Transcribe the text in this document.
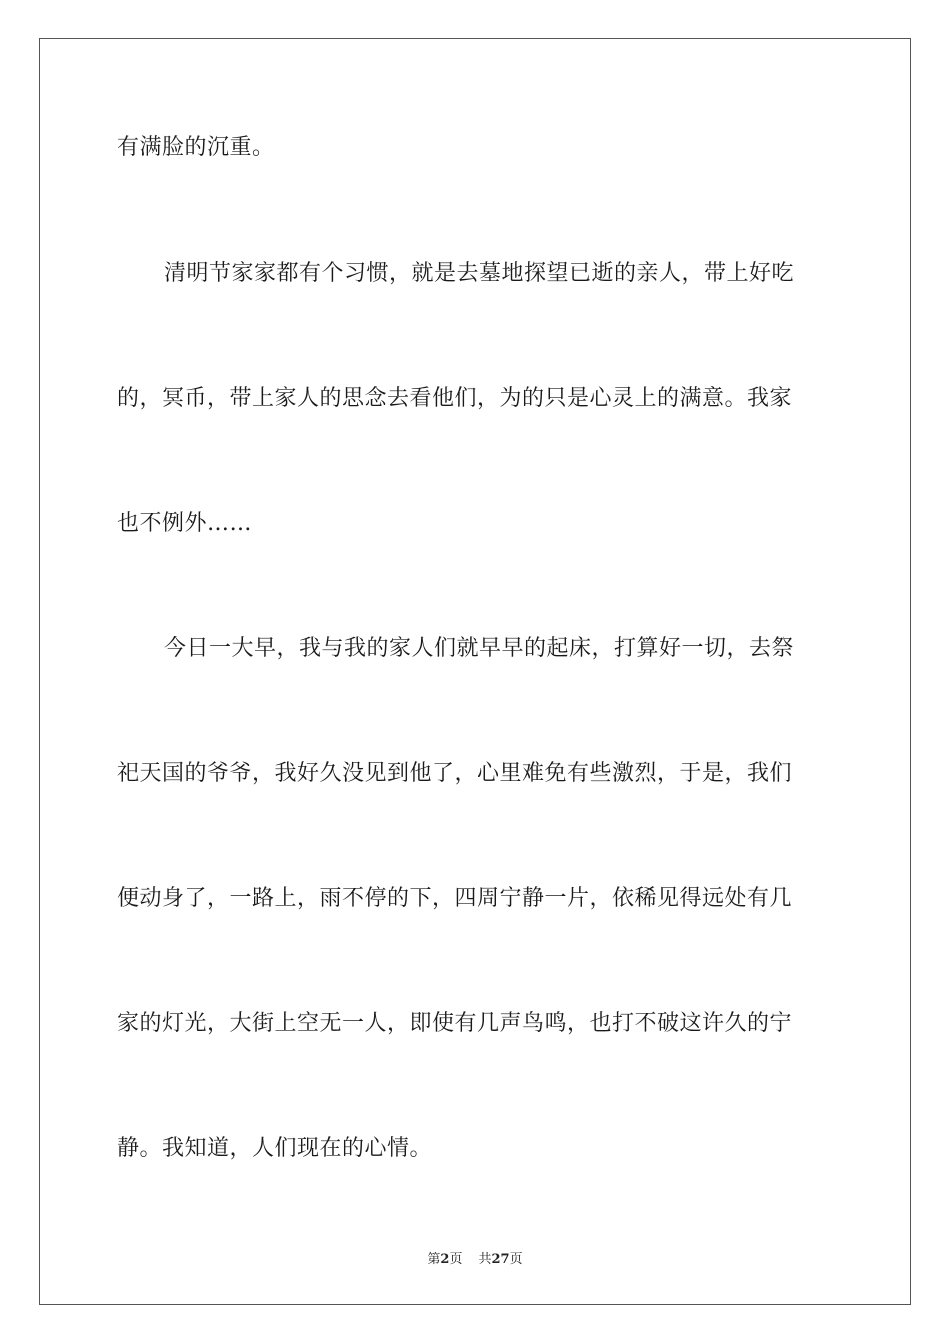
有满脸的沉重。
清明节家家都有个习惯，就是去墓地探望已逝的亲人，带上好吃
的，冥币，带上家人的思念去看他们，为的只是心灵上的满意。我家
也不例外……
今日一大早，我与我的家人们就早早的起床，打算好一切，去祭
祀天国的爷爷，我好久没见到他了，心里难免有些激烈，于是，我们
便动身了，一路上，雨不停的下，四周宁静一片，依稀见得远处有几
家的灯光，大街上空无一人，即使有几声鸟鸣，也打不破这许久的宁
静。我知道，人们现在的心情。
第2页 共27页
